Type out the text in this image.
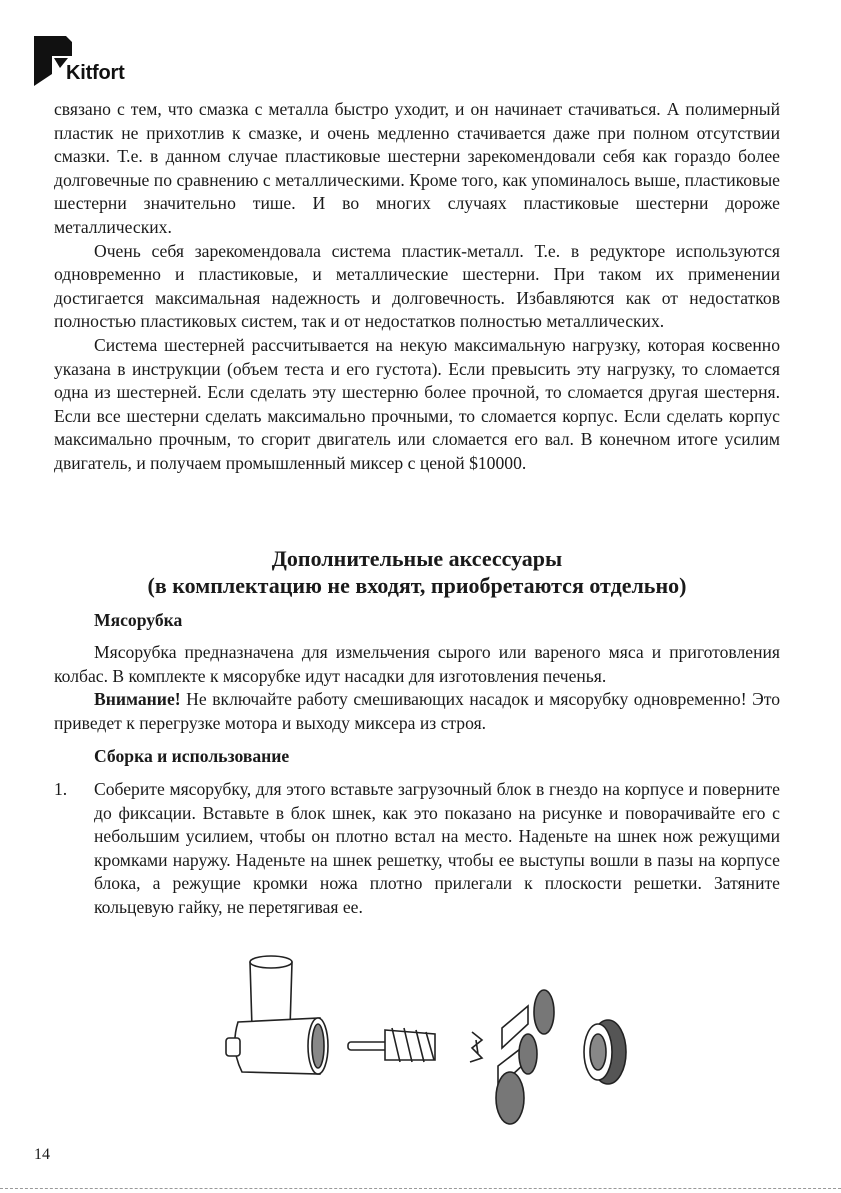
Kitfort

связано с тем, что смазка с металла быстро уходит, и он начинает стачиваться. А полимерный пластик не прихотлив к смазке, и очень медленно стачивается даже при полном отсутствии смазки. Т.е. в данном случае пластиковые шестерни зарекомендовали себя как гораздо более долговечные по сравнению с металлическими. Кроме того, как упоминалось выше, пластиковые шестерни значительно тише. И во многих случаях пластиковые шестерни дороже металлических.

Очень себя зарекомендовала система пластик-металл. Т.е. в редукторе используются одновременно и пластиковые, и металлические шестерни. При таком их применении достигается максимальная надежность и долговечность. Избавляются как от недостатков полностью пластиковых систем, так и от недостатков полностью металлических.

Система шестерней рассчитывается на некую максимальную нагрузку, которая косвенно указана в инструкции (объем теста и его густота). Если превысить эту нагрузку, то сломается одна из шестерней. Если сделать эту шестерню более прочной, то сломается другая шестерня. Если все шестерни сделать максимально прочными, то сломается корпус. Если сделать корпус максимально прочным, то сгорит двигатель или сломается его вал. В конечном итоге усилим двигатель, и получаем промышленный миксер с ценой $10000.

Дополнительные аксессуары

(в комплектацию не входят, приобретаются отдельно)

Мясорубка

Мясорубка предназначена для измельчения сырого или вареного мяса и приготовления колбас. В комплекте к мясорубке идут насадки для изготовления печенья.

Внимание! Не включайте работу смешивающих насадок и мясорубку одновременно! Это приведет к перегрузке мотора и выходу миксера из строя.

Сборка и использование

1.	Соберите мясорубку, для этого вставьте загрузочный блок в гнездо на корпусе и поверните до фиксации. Вставьте в блок шнек, как это показано на рисунке и поворачивайте его с небольшим усилием, чтобы он плотно встал на место. Наденьте на шнек нож режущими кромками наружу. Наденьте на шнек решетку, чтобы ее выступы вошли в пазы на корпусе блока, а режущие кромки ножа плотно прилегали к плоскости решетки. Затяните кольцевую гайку, не перетягивая ее.
14
